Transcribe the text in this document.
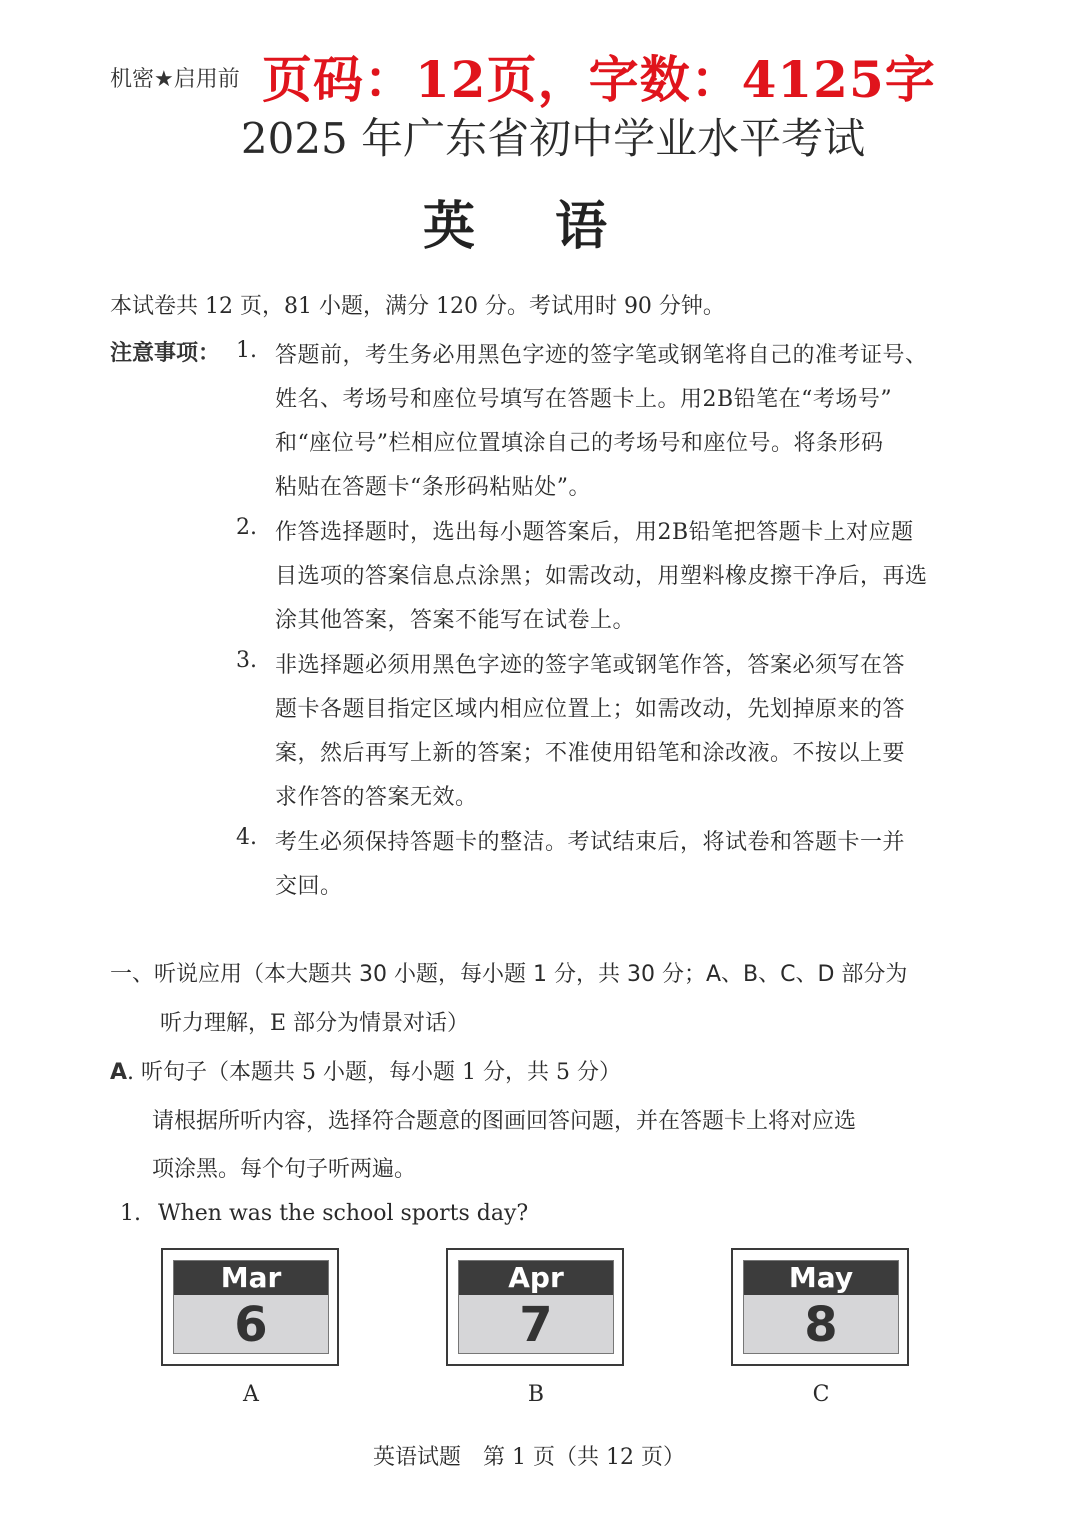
机密★启用前 页码：12页，字数：4125字
2025 年广东省初中学业水平考试
英语
本试卷共 12 页，81 小题，满分 120 分。考试用时 90 分钟。
注意事项： 1. 答题前，考生务必用黑色字迹的签字笔或钢笔将自己的准考证号、
姓名、考场号和座位号填写在答题卡上。用2B铅笔在“考场号”
和“座位号”栏相应位置填涂自己的考场号和座位号。将条形码
粘贴在答题卡“条形码粘贴处”。
2. 作答选择题时，选出每小题答案后，用2B铅笔把答题卡上对应题
目选项的答案信息点涂黑；如需改动，用塑料橡皮擦干净后，再选
涂其他答案，答案不能写在试卷上。
3. 非选择题必须用黑色字迹的签字笔或钢笔作答，答案必须写在答
题卡各题目指定区域内相应位置上；如需改动，先划掉原来的答
案，然后再写上新的答案；不准使用铅笔和涂改液。不按以上要
求作答的答案无效。
4. 考生必须保持答题卡的整洁。考试结束后，将试卷和答题卡一并
交回。
一、听说应用（本大题共 30 小题，每小题 1 分，共 30 分；A、B、C、D 部分为
听力理解，E 部分为情景对话）
A. 听句子（本题共 5 小题，每小题 1 分，共 5 分）
请根据所听内容，选择符合题意的图画回答问题，并在答题卡上将对应选
项涂黑。每个句子听两遍。
1. When was the school sports day?
Mar
6
A
Apr
7
B
May
8
C
英语试题　第 1 页（共 12 页）
